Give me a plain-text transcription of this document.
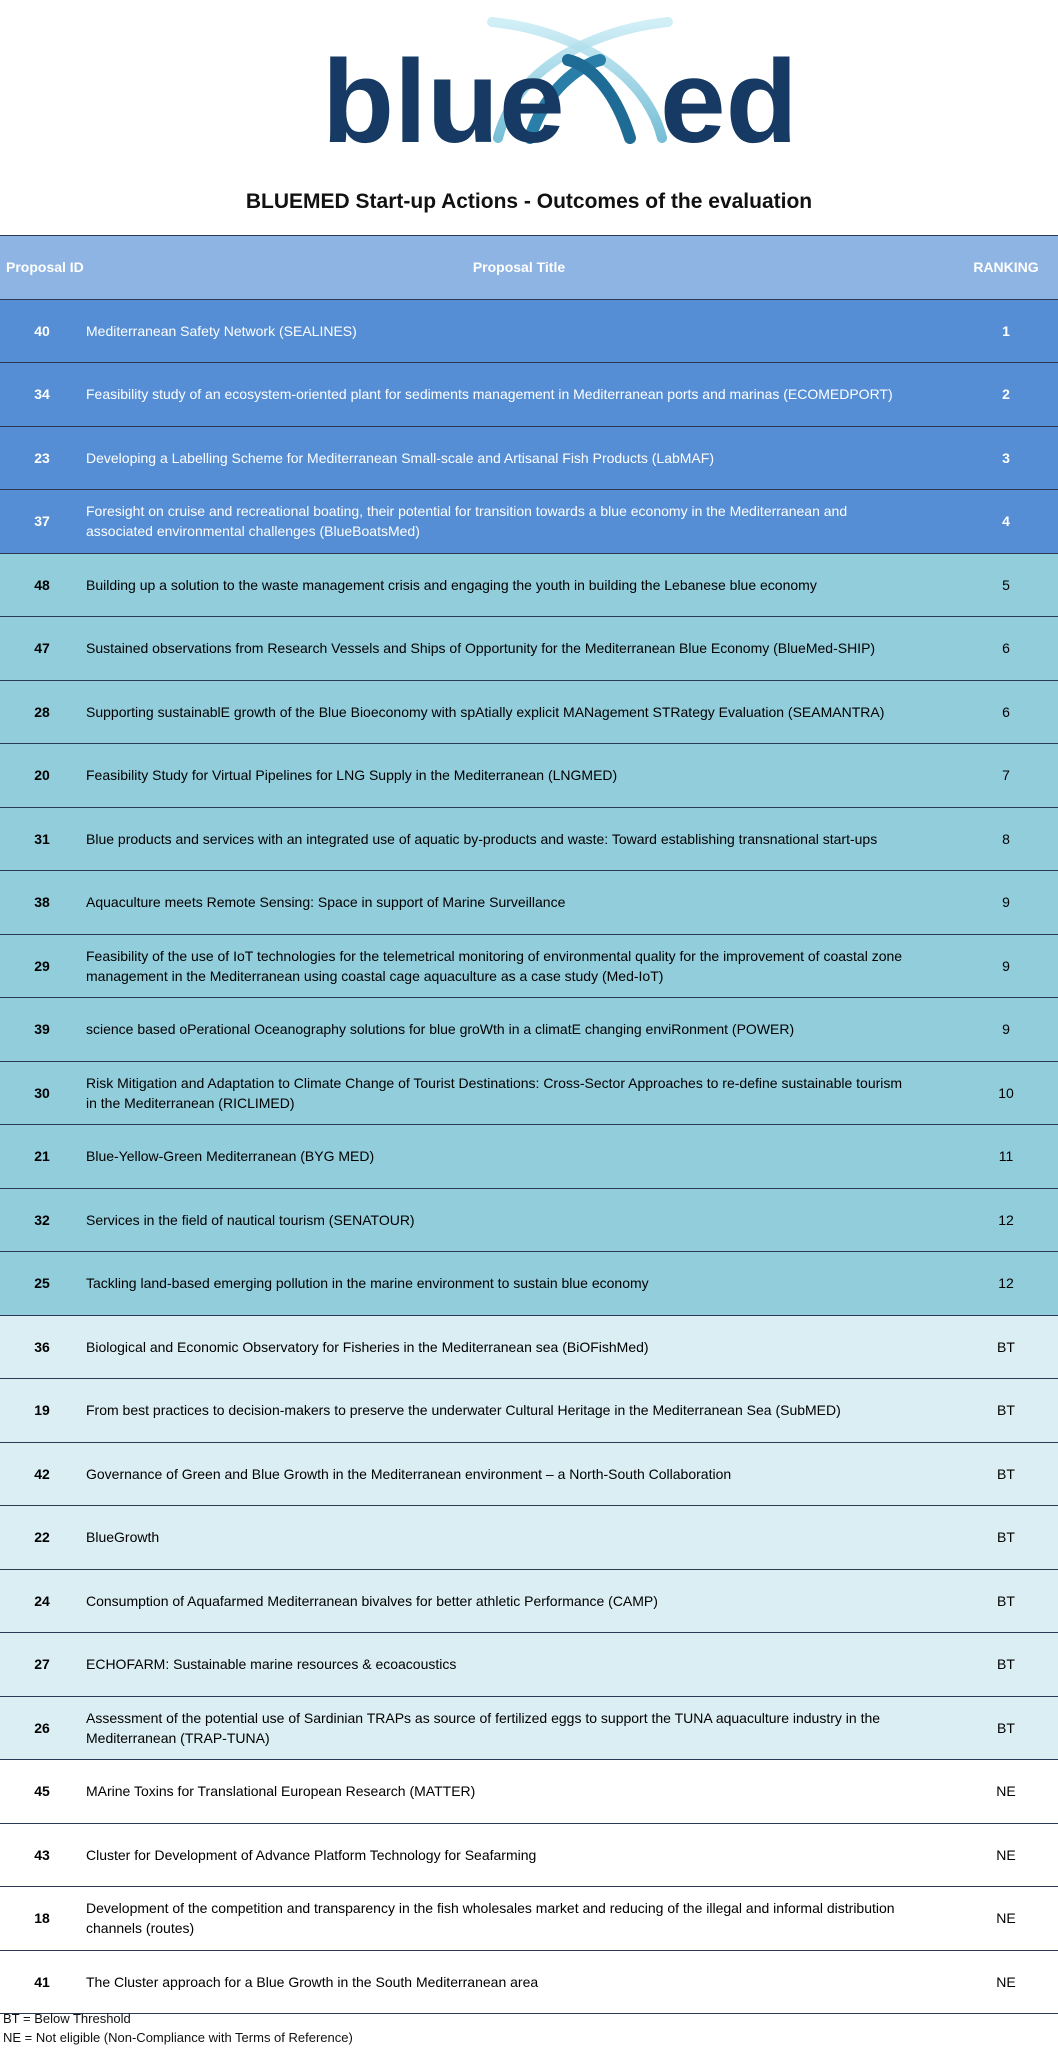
blue ed
BLUEMED Start-up Actions - Outcomes of the evaluation
Proposal ID	Proposal Title	RANKING
40	Mediterranean Safety Network (SEALINES)	1
34	Feasibility study of an ecosystem-oriented plant for sediments management in Mediterranean ports and marinas (ECOMEDPORT)	2
23	Developing a Labelling Scheme for Mediterranean Small-scale and Artisanal Fish Products (LabMAF)	3
37	Foresight on cruise and recreational boating, their potential for transition towards a blue economy in the Mediterranean and associated environmental challenges (BlueBoatsMed)	4
48	Building up a solution to the waste management crisis and engaging the youth in building the Lebanese blue economy	5
47	Sustained observations from Research Vessels and Ships of Opportunity for the Mediterranean Blue Economy (BlueMed-SHIP)	6
28	Supporting sustainablE growth of the Blue Bioeconomy with spAtially explicit MANagement STRategy Evaluation (SEAMANTRA)	6
20	Feasibility Study for Virtual Pipelines for LNG Supply in the Mediterranean (LNGMED)	7
31	Blue products and services with an integrated use of aquatic by-products and waste: Toward establishing transnational start-ups	8
38	Aquaculture meets Remote Sensing: Space in support of Marine Surveillance	9
29	Feasibility of the use of IoT technologies for the telemetrical monitoring of environmental quality for the improvement of coastal zone management in the Mediterranean using coastal cage aquaculture as a case study (Med-IoT)	9
39	science based oPerational Oceanography solutions for blue groWth in a climatE changing enviRonment (POWER)	9
30	Risk Mitigation and Adaptation to Climate Change of Tourist Destinations: Cross-Sector Approaches to re-define sustainable tourism in the Mediterranean (RICLIMED)	10
21	Blue-Yellow-Green Mediterranean (BYG MED)	11
32	Services in the field of nautical tourism (SENATOUR)	12
25	Tackling land-based emerging pollution in the marine environment to sustain blue economy	12
36	Biological and Economic Observatory for Fisheries in the Mediterranean sea (BiOFishMed)	BT
19	From best practices to decision-makers to preserve the underwater Cultural Heritage in the Mediterranean Sea (SubMED)	BT
42	Governance of Green and Blue Growth in the Mediterranean environment – a North-South Collaboration	BT
22	BlueGrowth	BT
24	Consumption of Aquafarmed Mediterranean bivalves for better athletic Performance (CAMP)	BT
27	ECHOFARM: Sustainable marine resources & ecoacoustics	BT
26	Assessment of the potential use of Sardinian TRAPs as source of fertilized eggs to support the TUNA aquaculture industry in the Mediterranean (TRAP-TUNA)	BT
45	MArine Toxins for Translational European Research (MATTER)	NE
43	Cluster for Development of Advance Platform Technology for Seafarming	NE
18	Development of the competition and transparency in the fish wholesales market and reducing of the illegal and informal distribution channels (routes)	NE
41	The Cluster approach for a Blue Growth in the South Mediterranean area	NE
BT = Below Threshold
NE = Not eligible (Non-Compliance with Terms of Reference)
